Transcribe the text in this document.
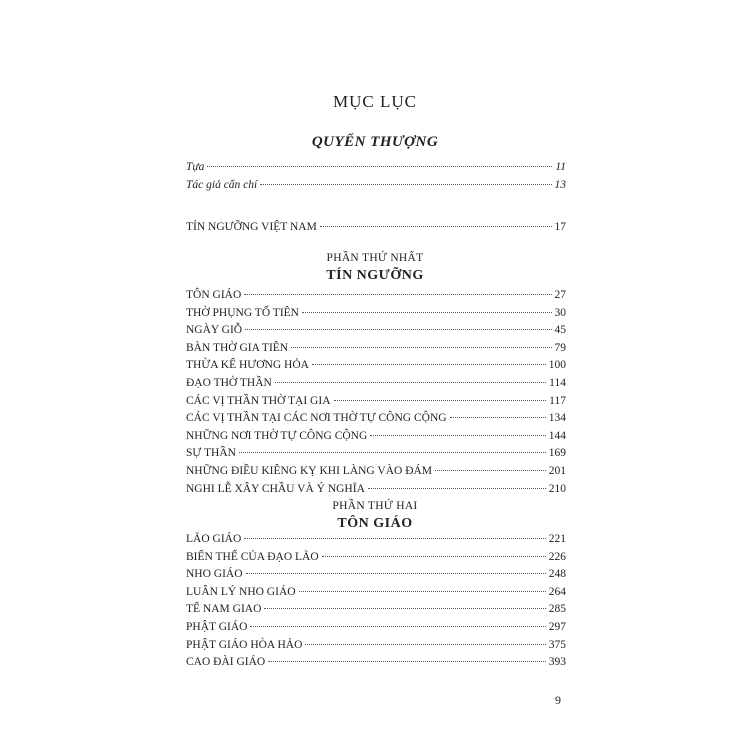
MỤC LỤC
QUYỂN THƯỢNG
Tựa	11
Tác giả cẩn chí	13
TÍN NGƯỠNG VIỆT NAM	17
PHẦN THỨ NHẤT
TÍN NGƯỠNG
TÔN GIÁO	27
THỜ PHỤNG TỔ TIÊN	30
NGÀY GIỖ	45
BÀN THỜ GIA TIÊN	79
THỪA KẾ HƯƠNG HỎA	100
ĐẠO THỜ THẦN	114
CÁC VỊ THẦN THỜ TẠI GIA	117
CÁC VỊ THẦN TẠI CÁC NƠI THỜ TỰ CÔNG CỘNG	134
NHỮNG NƠI THỜ TỰ CÔNG CỘNG	144
SỰ THẦN	169
NHỮNG ĐIỀU KIÊNG KỴ KHI LÀNG VÀO ĐÁM	201
NGHI LỄ XÂY CHẦU VÀ Ý NGHĨA	210
PHẦN THỨ HAI
TÔN GIÁO
LÃO GIÁO	221
BIẾN THỂ CỦA ĐẠO LÃO	226
NHO GIÁO	248
LUÂN LÝ NHO GIÁO	264
TẾ NAM GIAO	285
PHẬT GIÁO	297
PHẬT GIÁO HÒA HẢO	375
CAO ĐÀI GIÁO	393
9
